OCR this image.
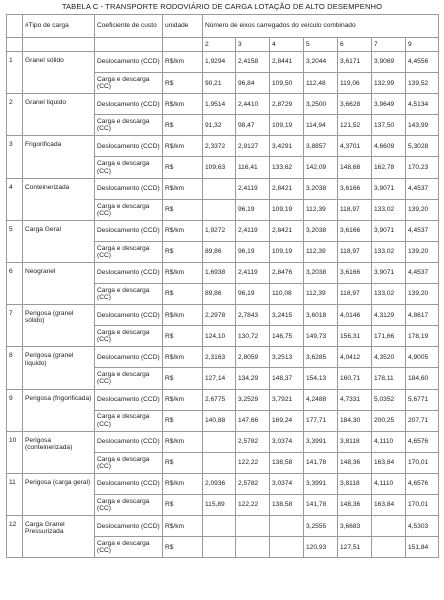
TABELA C - TRANSPORTE RODOVIÁRIO DE CARGA LOTAÇÃO DE ALTO DESEMPENHO
	#Tipo de carga	Coeficiente de custo	unidade	Número de eixos carregados do veículo combinado						
				2	3	4	5	6	7	9
1	Granel sólido	Deslocamento (CCD)	R$/km	1,9294	2,4158	2,8441	3,2044	3,6171	3,9069	4,4556
		Carga e descarga (CC)	R$	90,21	96,84	109,50	112,48	119,06	132,99	139,52
2	Granel líquido	Deslocamento (CCD)	R$/km	1,9514	2,4410	2,8729	3,2500	3,6628	3,9649	4,5134
		Carga e descarga (CC)	R$	91,32	98,47	109,19	114,94	121,52	137,50	143,99
3	Frigorificada	Deslocamento (CCD)	R$/km	2,3372	2,9127	3,4291	3,8857	4,3701	4,6609	5,3028
		Carga e descarga (CC)	R$	109,63	116,41	133,62	142,09	148,68	162,78	170,23
4	Conteinerizada	Deslocamento (CCD)	R$/km		2,4119	2,8421	3,2038	3,6166	3,9071	4,4537
		Carga e descarga (CC)	R$		96,19	109,19	112,39	118,97	133,02	139,20
5	Carga Geral	Deslocamento (CCD)	R$/km	1,9272	2,4119	2,8421	3,2038	3,6166	3,9071	4,4537
		Carga e descarga (CC)	R$	89,86	96,19	109,19	112,39	118,97	133,02	139,20
6	Neogranel	Deslocamento (CCD)	R$/km	1,6938	2,4119	2,8476	3,2038	3,6166	3,9071	4,4537
		Carga e descarga (CC)	R$	89,86	96,19	110,08	112,39	118,97	133,02	139,20
7	Perigosa (granel sólido)	Deslocamento (CCD)	R$/km	2,2978	2,7843	3,2415	3,6018	4,0146	4,3129	4,8617
		Carga e descarga (CC)	R$	124,10	130,72	146,75	149,73	156,31	171,66	178,19
8	Perigosa (granel líquido)	Deslocamento (CCD)	R$/km	2,3163	2,8059	3,2513	3,6285	4,0412	4,3520	4,9005
		Carga e descarga (CC)	R$	127,14	134,29	148,37	154,13	160,71	178,11	184,60
9	Perigosa (frigorificada)	Deslocamento (CCD)	R$/km	2,6775	3,2529	3,7921	4,2488	4,7331	5,0352	5,6771
		Carga e descarga (CC)	R$	140,88	147,66	169,24	177,71	184,30	200,25	207,71
10	Perigosa (conteinerizada)	Deslocamento (CCD)	R$/km		2,5782	3,0374	3,3991	3,8118	4,1110	4,6576
		Carga e descarga (CC)	R$		122,22	138,58	141,78	148,36	163,84	170,01
11	Perigosa (carga geral)	Deslocamento (CCD)	R$/km	2,0936	2,5782	3,0374	3,3991	3,8118	4,1110	4,6576
		Carga e descarga (CC)	R$	115,89	122,22	138,58	141,78	148,36	163,84	170,01
12	Carga Granel Pressurizada	Deslocamento (CCD)	R$/km				3,2555	3,6683		4,5303
		Carga e descarga (CC)	R$				120,93	127,51		151,84
